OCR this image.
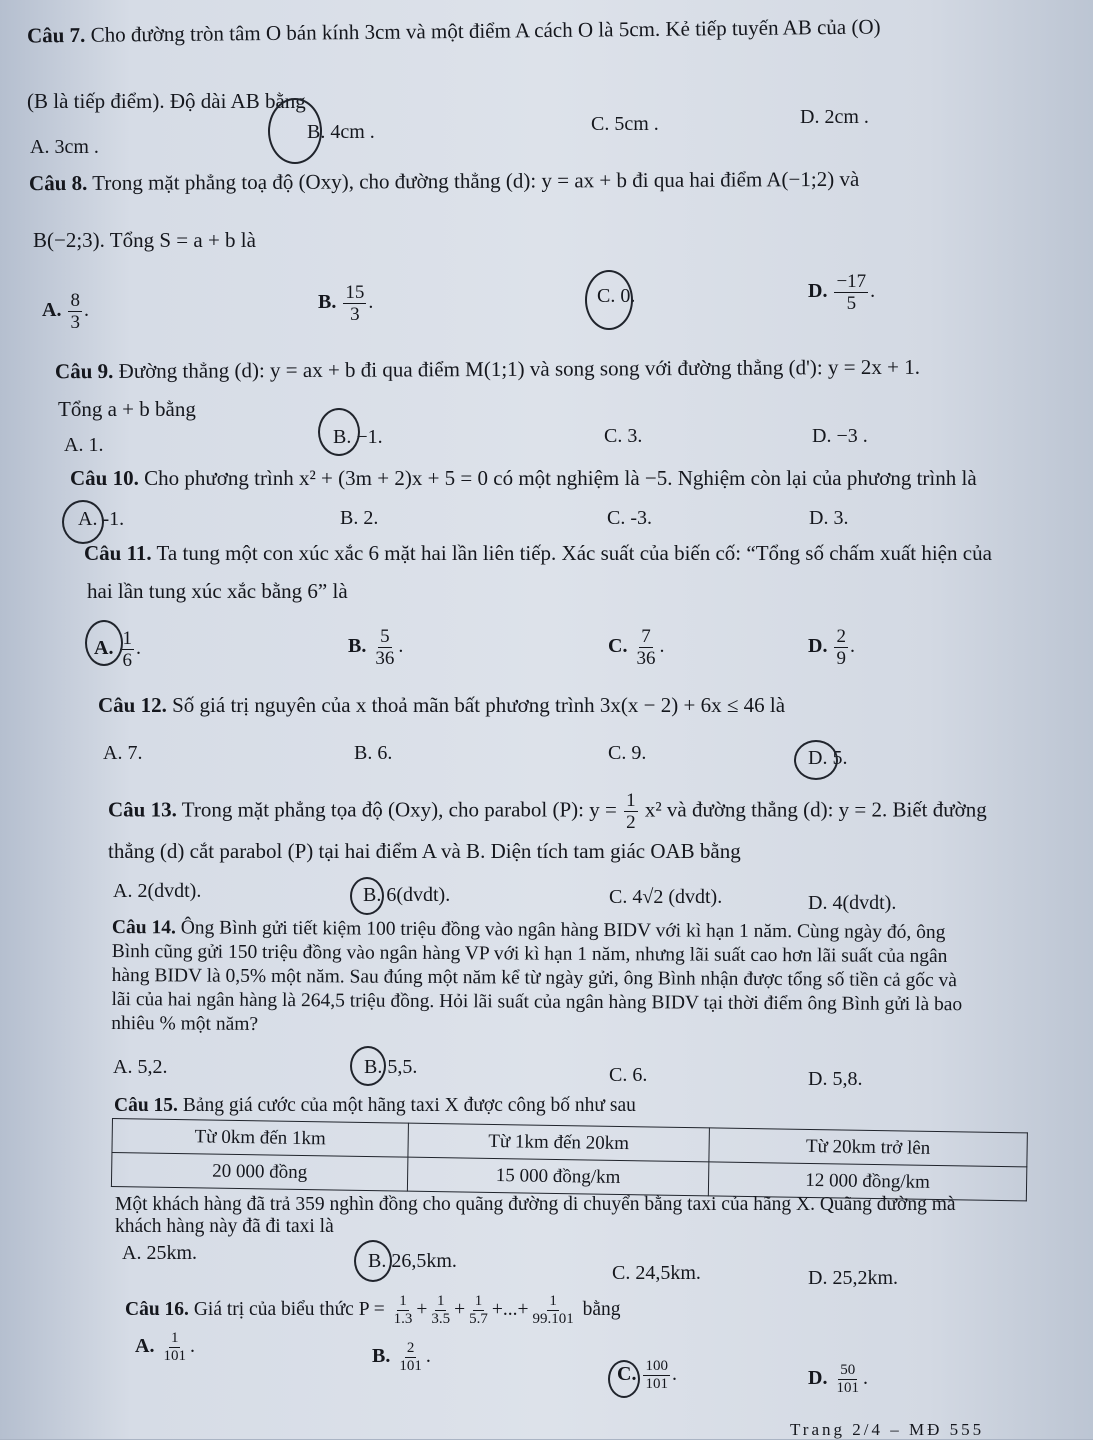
Câu 7. Cho đường tròn tâm O bán kính 3cm và một điểm A cách O là 5cm. Kẻ tiếp tuyến AB của (O)
(B là tiếp điểm). Độ dài AB bằng
A. 3cm .
B. 4cm .	C. 5cm .	D. 2cm .
Câu 8. Trong mặt phẳng toạ độ (Oxy), cho đường thẳng (d): y = ax + b đi qua hai điểm A(−1;2) và
B(−2;3). Tổng S = a + b là
A. $\frac{8}{3}$ .	B. $\frac{15}{3}$ .	C. 0.	D. $\frac{-17}{5}$ .
Câu 9. Đường thẳng (d): y = ax + b đi qua điểm M(1;1) và song song với đường thẳng (d'): y = 2x + 1.
Tổng a + b bằng
A. 1.	B. −1.	C. 3.	D. −3 .
Câu 10. Cho phương trình x² + (3m + 2)x + 5 = 0 có một nghiệm là −5. Nghiệm còn lại của phương trình là
A. -1.	B. 2.	C. -3.	D. 3.
Câu 11. Ta tung một con xúc xắc 6 mặt hai lần liên tiếp. Xác suất của biến cố: “Tổng số chấm xuất hiện của
hai lần tung xúc xắc bằng 6” là
A. $\frac{1}{6}$ .	B. $\frac{5}{36}$ .	C. $\frac{7}{36}$ .	D. $\frac{2}{9}$ .
Câu 12. Số giá trị nguyên của x thoả mãn bất phương trình 3x(x − 2) + 6x ≤ 46 là
A. 7.	B. 6.	C. 9.	D. 5.
Câu 13. Trong mặt phẳng tọa độ (Oxy), cho parabol (P): $y = \frac{1}{2} x^2$ và đường thẳng (d): y = 2. Biết đường
thẳng (d) cắt parabol (P) tại hai điểm A và B. Diện tích tam giác OAB bằng
A. 2(dvdt).	B. 6(dvdt).	C. 4√2 (dvdt).	D. 4(dvdt).
Câu 14. Ông Bình gửi tiết kiệm 100 triệu đồng vào ngân hàng BIDV với kì hạn 1 năm. Cùng ngày đó, ông
Bình cũng gửi 150 triệu đồng vào ngân hàng VP với kì hạn 1 năm, nhưng lãi suất cao hơn lãi suất của ngân
hàng BIDV là 0,5% một năm. Sau đúng một năm kể từ ngày gửi, ông Bình nhận được tổng số tiền cả gốc và
lãi của hai ngân hàng là 264,5 triệu đồng. Hỏi lãi suất của ngân hàng BIDV tại thời điểm ông Bình gửi là bao
nhiêu % một năm?
A. 5,2.	B. 5,5.	C. 6.	D. 5,8.
Câu 15. Bảng giá cước của một hãng taxi X được công bố như sau
Từ 0km đến 1km	Từ 1km đến 20km	Từ 20km trở lên
20 000 đồng	15 000 đồng/km	12 000 đồng/km
Một khách hàng đã trả 359 nghìn đồng cho quãng đường di chuyển bằng taxi của hãng X. Quãng đường mà
khách hàng này đã đi taxi là
A. 25km.	B. 26,5km.
C. 24,5km.	D. 25,2km.
Câu 16. Giá trị của biểu thức $P = \frac{1}{1.3} + \frac{1}{3.5} + \frac{1}{5.7}$ +...+ $\frac{1}{99.101}$ bằng
A. $\frac{1}{101}$ .	B. $\frac{2}{101}$ .
C. $\frac{100}{101}$ .	D. $\frac{50}{101}$ .
Trang 2/4 – MĐ 555
